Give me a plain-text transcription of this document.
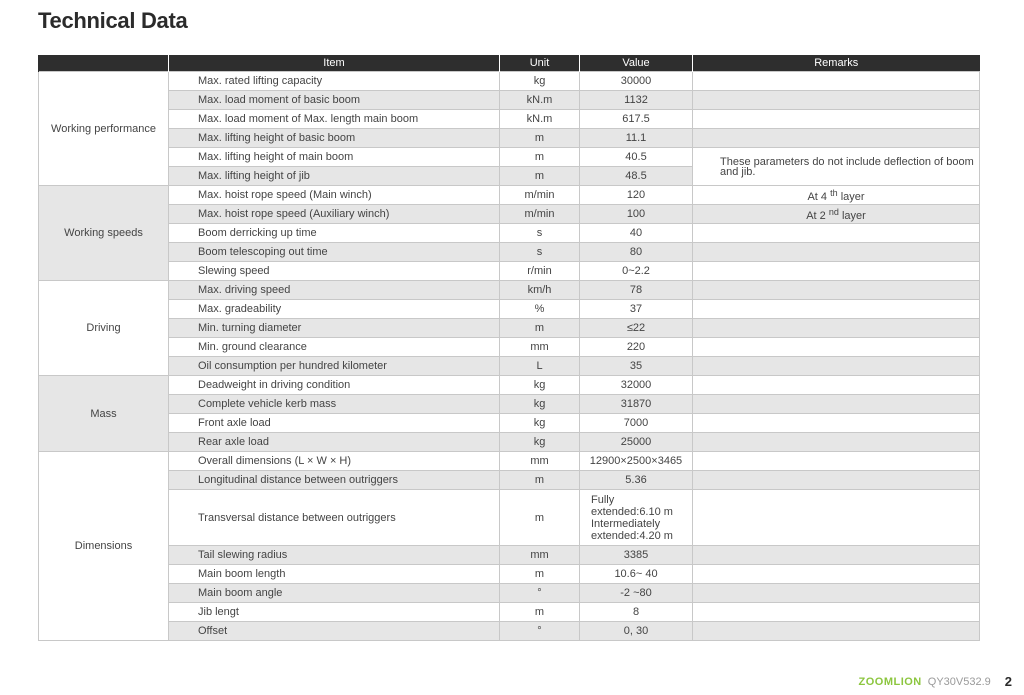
Technical Data
	Item	Unit	Value	Remarks
Working performance	Max. rated lifting capacity	kg	30000	
	Max. load moment of basic boom	kN.m	1132	
	Max. load moment of Max. length main boom	kN.m	617.5	
	Max. lifting height of basic boom	m	11.1	
	Max. lifting height of main boom	m	40.5	These parameters do not include deflection of boom and jib.
	Max. lifting height of jib	m	48.5	
Working speeds	Max. hoist rope speed (Main winch)	m/min	120	At 4 $^{th}$ layer
	Max. hoist rope speed (Auxiliary winch)	m/min	100	At 2 $^{nd}$ layer
	Boom derricking up time	s	40	
	Boom telescoping out time	s	80	
	Slewing speed	r/min	0~2.2	
Driving	Max. driving speed	km/h	78	
	Max. gradeability	%	37	
	Min. turning diameter	m	≤22	
	Min. ground clearance	mm	220	
	Oil consumption per hundred kilometer	L	35	
Mass	Deadweight in driving condition	kg	32000	
	Complete vehicle kerb mass	kg	31870	
	Front axle load	kg	7000	
	Rear axle load	kg	25000	
Dimensions	Overall dimensions (L × W × H)	mm	12900×2500×3465	
	Longitudinal distance between outriggers	m	5.36	
	Transversal distance between outriggers	m	Fully
extended:6.10 m
Intermediately
extended:4.20 m	

	Tail slewing radius	mm	3385	
	Main boom length	m	10.6~ 40	
	Main boom angle	°	-2 ~80	
	Jib lengt	m	8	
	Offset	°	0, 30	
ZOOMLION QY30V532.9 2
